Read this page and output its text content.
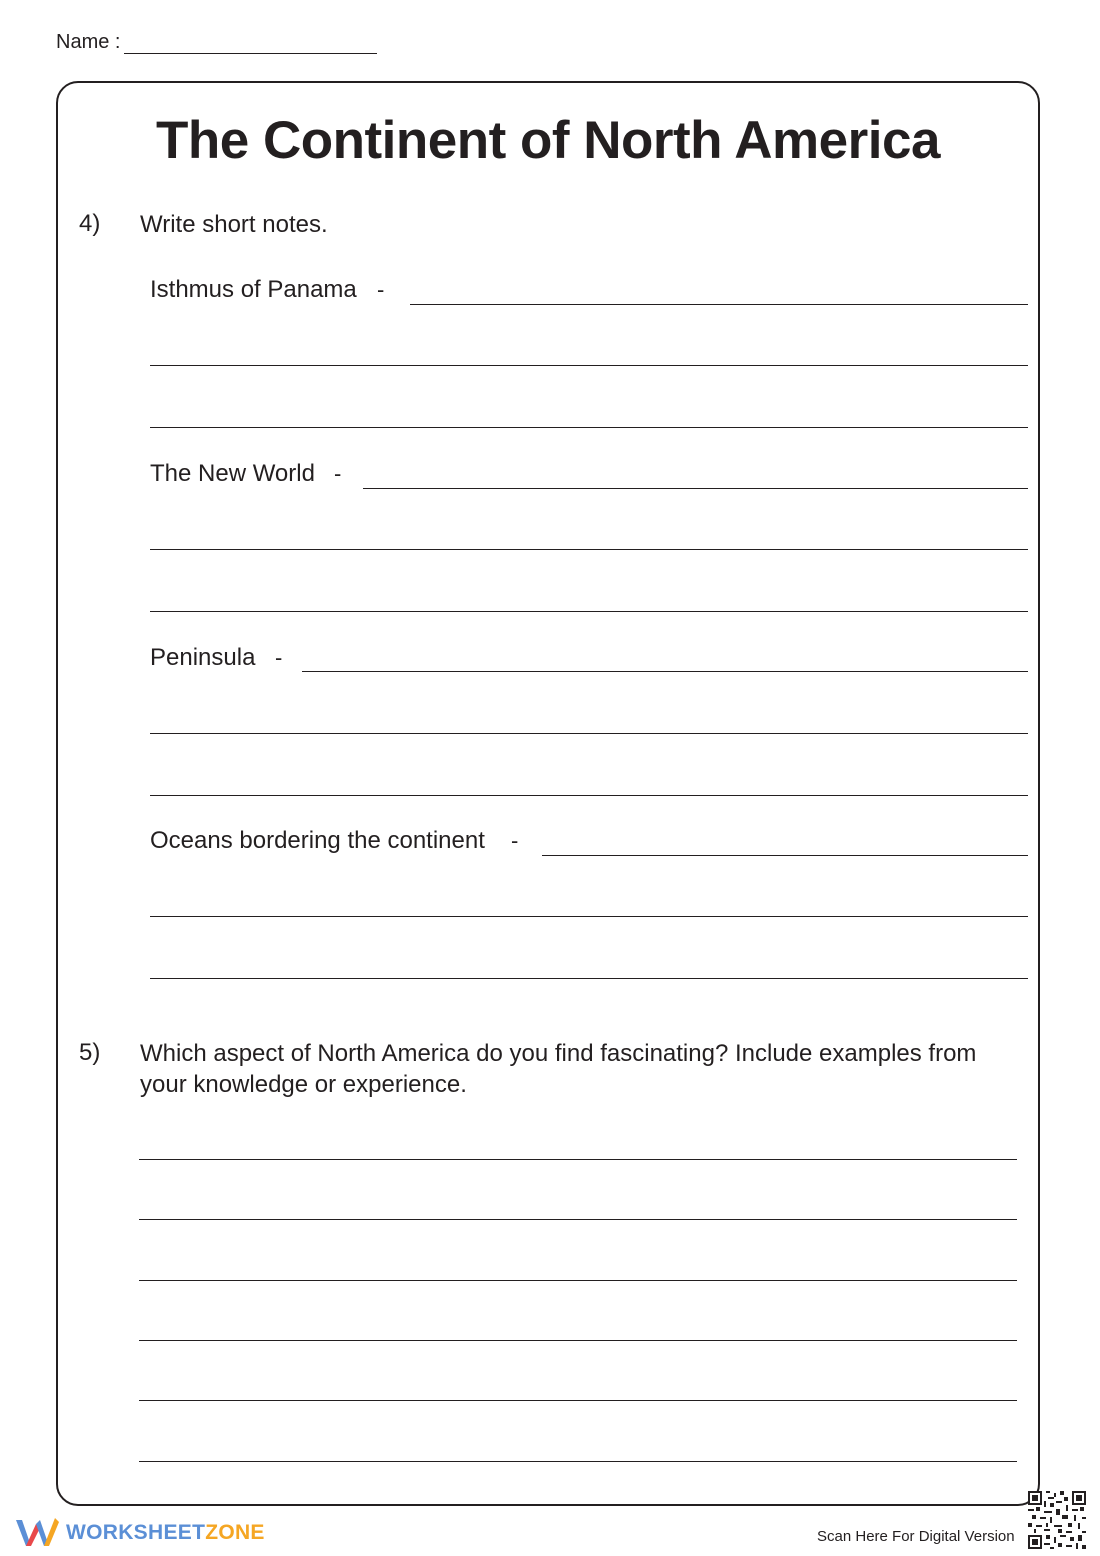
Name :
The Continent of North America
4) Write short notes.
Isthmus of Panama -
The New World -
Peninsula -
Oceans bordering the continent -
5) Which aspect of North America do you find fascinating? Include examples from
your knowledge or experience.
WORKSHEETZONE	Scan Here For Digital Version
